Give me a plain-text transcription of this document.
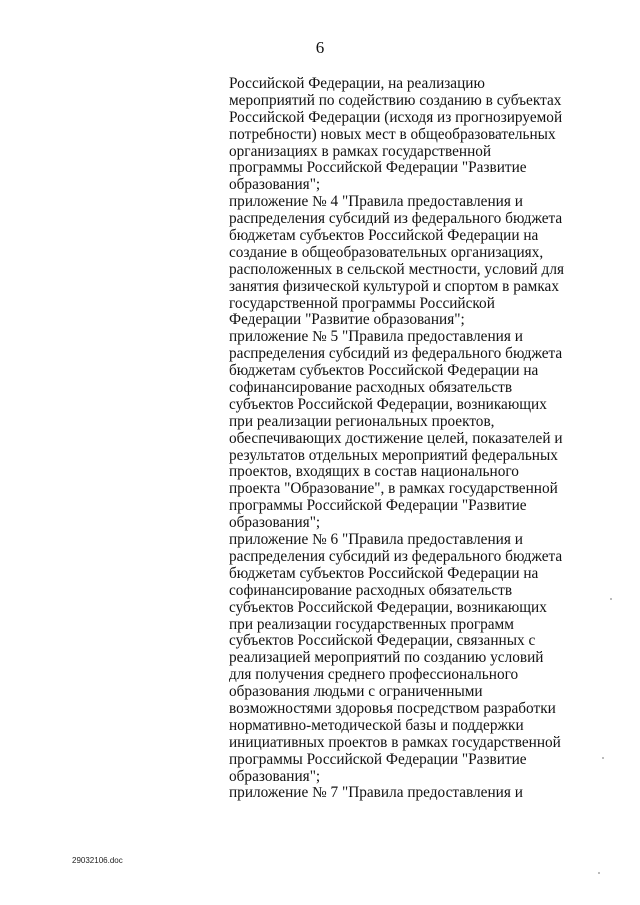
6
Российской Федерации, на реализацию
мероприятий по содействию созданию в субъектах
Российской Федерации (исходя из прогнозируемой
потребности) новых мест в общеобразовательных
организациях в рамках государственной
программы Российской Федерации "Развитие
образования";
приложение № 4 "Правила предоставления и
распределения субсидий из федерального бюджета
бюджетам субъектов Российской Федерации на
создание в общеобразовательных организациях,
расположенных в сельской местности, условий для
занятия физической культурой и спортом в рамках
государственной программы Российской
Федерации "Развитие образования";
приложение № 5 "Правила предоставления и
распределения субсидий из федерального бюджета
бюджетам субъектов Российской Федерации на
софинансирование расходных обязательств
субъектов Российской Федерации, возникающих
при реализации региональных проектов,
обеспечивающих достижение целей, показателей и
результатов отдельных мероприятий федеральных
проектов, входящих в состав национального
проекта "Образование", в рамках государственной
программы Российской Федерации "Развитие
образования";
приложение № 6 "Правила предоставления и
распределения субсидий из федерального бюджета
бюджетам субъектов Российской Федерации на
софинансирование расходных обязательств
субъектов Российской Федерации, возникающих
при реализации государственных программ
субъектов Российской Федерации, связанных с
реализацией мероприятий по созданию условий
для получения среднего профессионального
образования людьми с ограниченными
возможностями здоровья посредством разработки
нормативно-методической базы и поддержки
инициативных проектов в рамках государственной
программы Российской Федерации "Развитие
образования";
приложение № 7 "Правила предоставления и
29032106.doc
